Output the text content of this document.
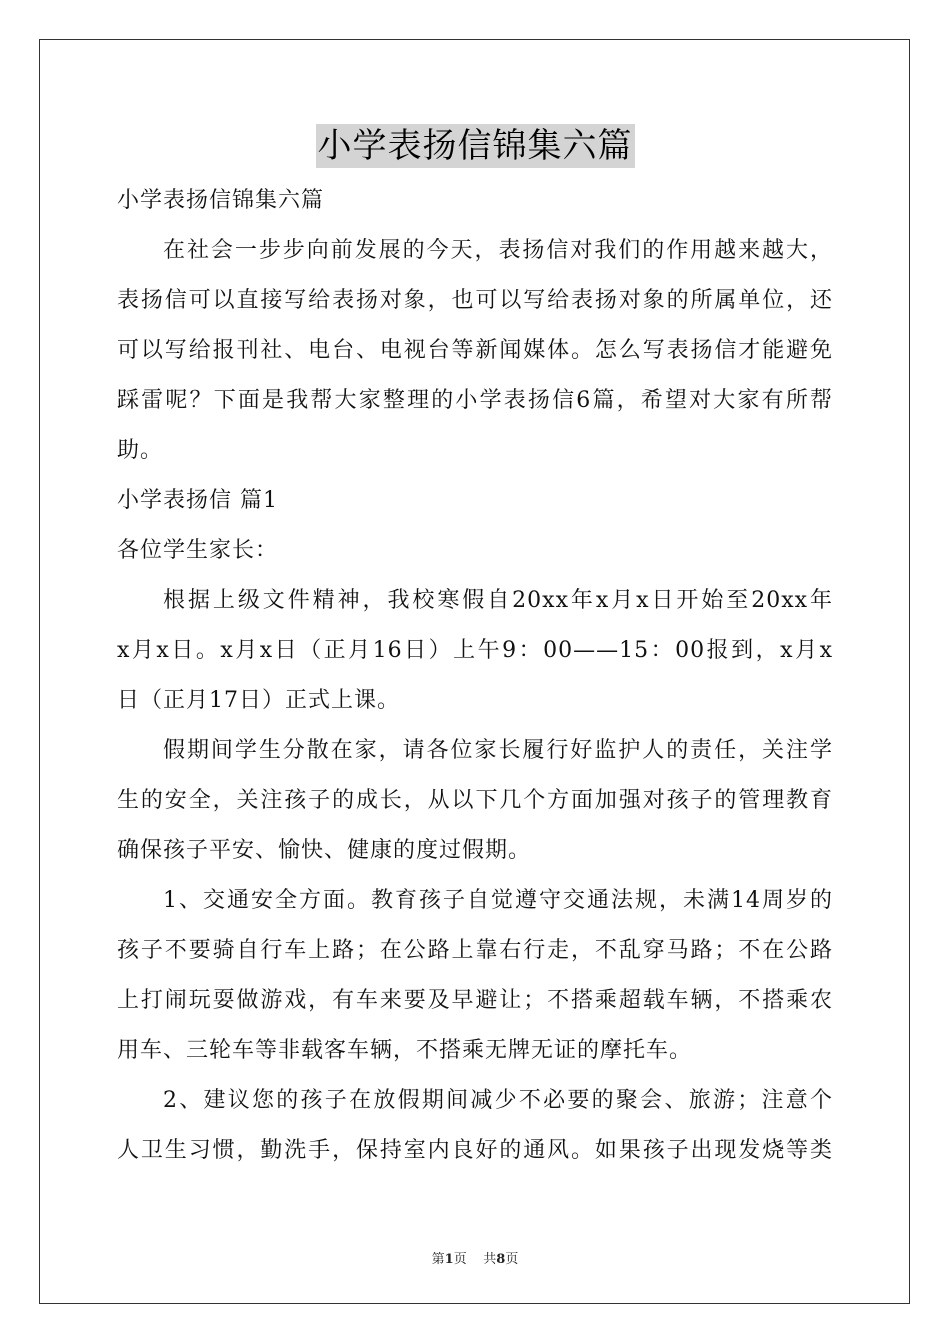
小学表扬信锦集六篇
小学表扬信锦集六篇
在社会一步步向前发展的今天，表扬信对我们的作用越来越大，
表扬信可以直接写给表扬对象，也可以写给表扬对象的所属单位，还
可以写给报刊社、电台、电视台等新闻媒体。怎么写表扬信才能避免
踩雷呢？下面是我帮大家整理的小学表扬信6篇，希望对大家有所帮
助。
小学表扬信 篇1
各位学生家长：
根据上级文件精神，我校寒假自20xx年x月x日开始至20xx年
x月x日。x月x日（正月16日）上午9：00——15：00报到，x月x
日（正月17日）正式上课。
假期间学生分散在家，请各位家长履行好监护人的责任，关注学
生的安全，关注孩子的成长，从以下几个方面加强对孩子的管理教育
确保孩子平安、愉快、健康的度过假期。
1、交通安全方面。教育孩子自觉遵守交通法规，未满14周岁的
孩子不要骑自行车上路；在公路上靠右行走，不乱穿马路；不在公路
上打闹玩耍做游戏，有车来要及早避让；不搭乘超载车辆，不搭乘农
用车、三轮车等非载客车辆，不搭乘无牌无证的摩托车。
2、建议您的孩子在放假期间减少不必要的聚会、旅游；注意个
人卫生习惯，勤洗手，保持室内良好的通风。如果孩子出现发烧等类
第1页 共8页
